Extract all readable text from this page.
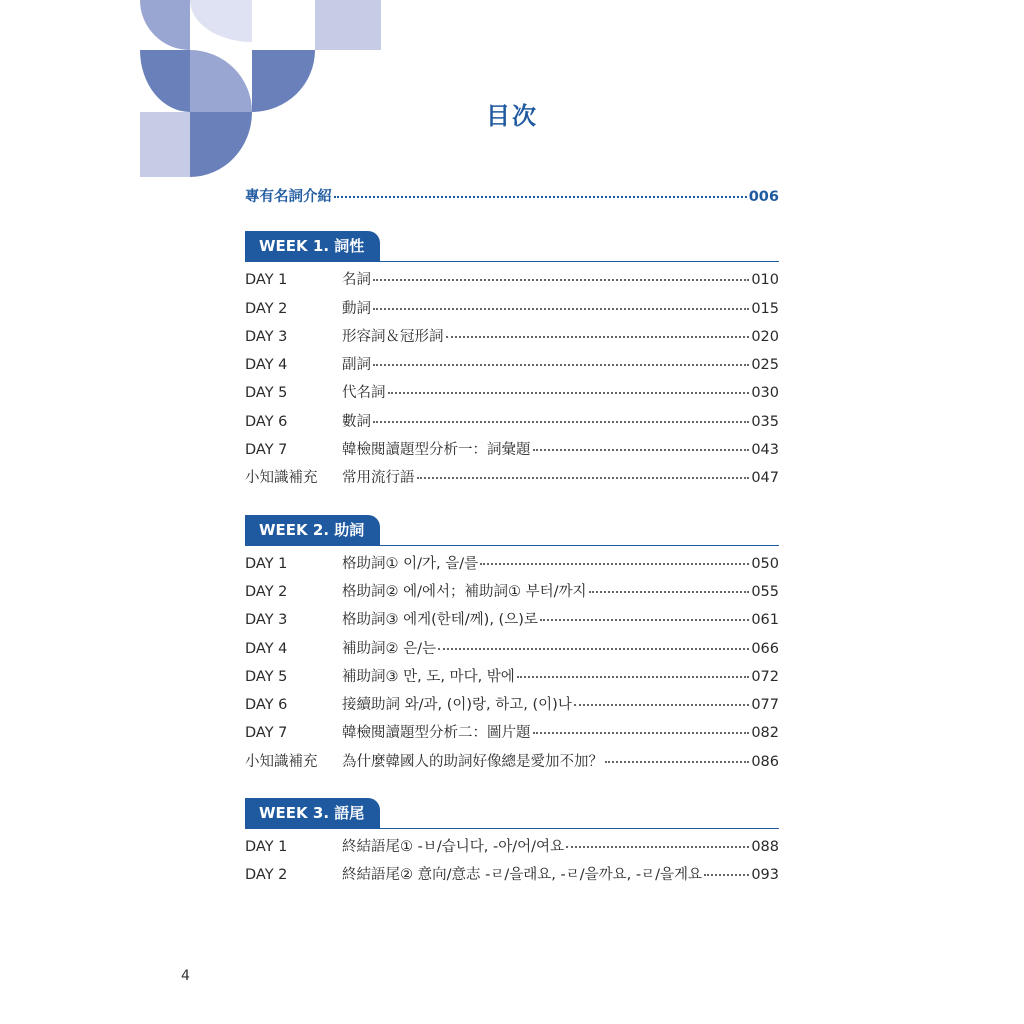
目次
專有名詞介紹	006
WEEK 1. 詞性
DAY 1	名詞	010
DAY 2	動詞	015
DAY 3	形容詞＆冠形詞	020
DAY 4	副詞	025
DAY 5	代名詞	030
DAY 6	數詞	035
DAY 7	韓檢閱讀題型分析一：詞彙題	043
小知識補充	常用流行語	047
WEEK 2. 助詞
DAY 1	格助詞① 이/가, 을/를	050
DAY 2	格助詞② 에/에서；補助詞① 부터/까지	055
DAY 3	格助詞③ 에게(한테/께), (으)로	061
DAY 4	補助詞② 은/는	066
DAY 5	補助詞③ 만, 도, 마다, 밖에	072
DAY 6	接續助詞 와/과, (이)랑, 하고, (이)나	077
DAY 7	韓檢閱讀題型分析二：圖片題	082
小知識補充	為什麼韓國人的助詞好像總是愛加不加？	086
WEEK 3. 語尾
DAY 1	終結語尾① -ㅂ/습니다, -아/어/여요	088
DAY 2	終結語尾② 意向/意志 -ㄹ/을래요, -ㄹ/을까요, -ㄹ/을게요	093
4
